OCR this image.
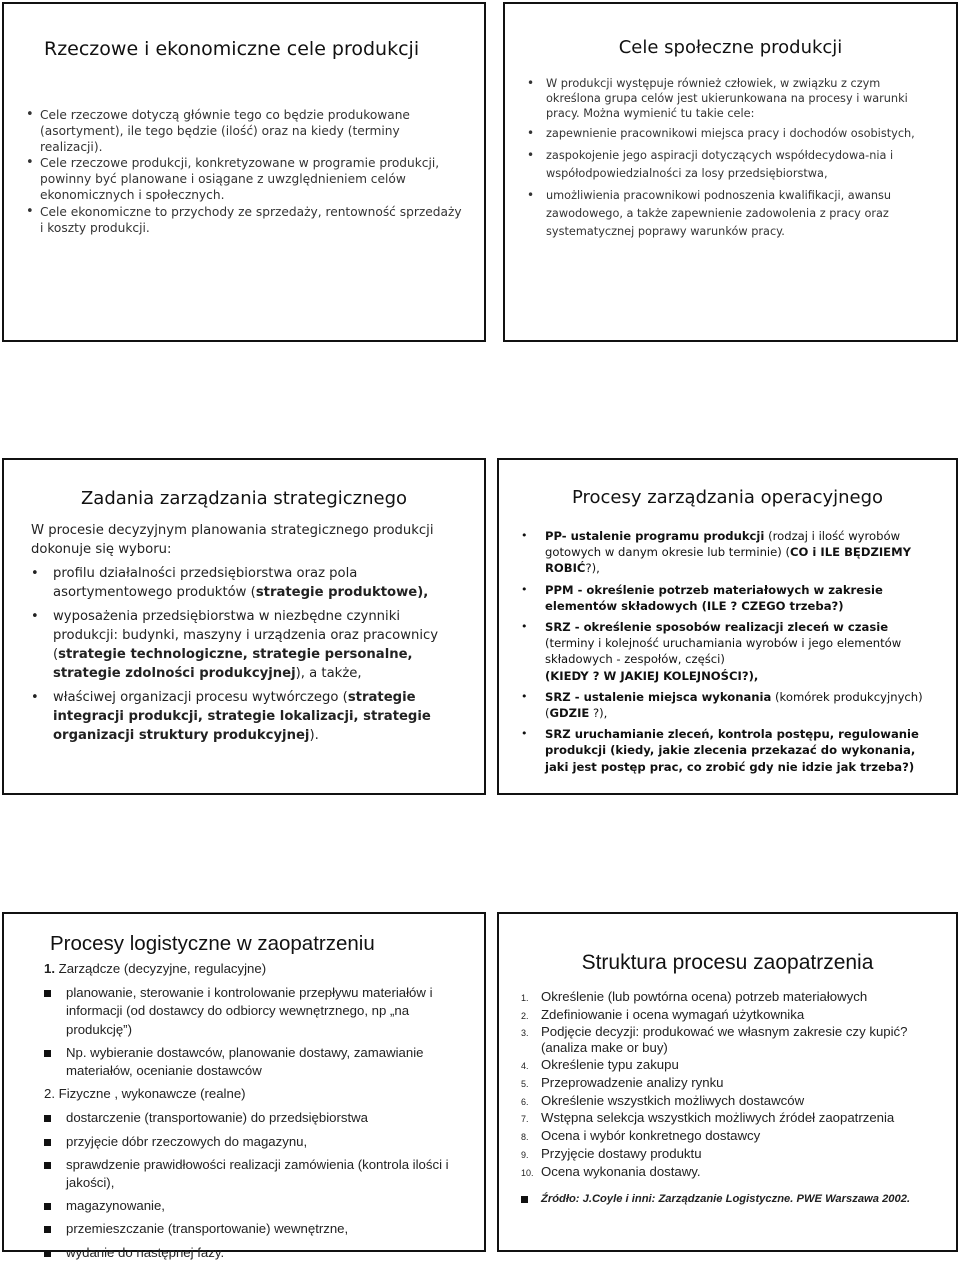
Rzeczowe i ekonomiczne cele produkcji
• Cele rzeczowe dotyczą głównie tego co będzie produkowane (asortyment), ile tego będzie (ilość) oraz na kiedy (terminy realizacji).
• Cele rzeczowe produkcji, konkretyzowane w programie produkcji, powinny być planowane i osiągane z uwzględnieniem celów ekonomicznych i społecznych.
• Cele ekonomiczne to przychody ze sprzedaży, rentowność sprzedaży i koszty produkcji.
Cele społeczne produkcji
• W produkcji występuje również człowiek, w związku z czym określona grupa celów jest ukierunkowana na procesy i warunki pracy. Można wymienić tu takie cele:
• zapewnienie pracownikowi miejsca pracy i dochodów osobistych,
• zaspokojenie jego aspiracji dotyczących współdecydowa-nia i współodpowiedzialności za losy przedsiębiorstwa,
• umożliwienia pracownikowi podnoszenia kwalifikacji, awansu zawodowego, a także zapewnienie zadowolenia z pracy oraz systematycznej poprawy warunków pracy.
Zadania zarządzania strategicznego
W procesie decyzyjnym planowania strategicznego produkcji dokonuje się wyboru:
• profilu działalności przedsiębiorstwa oraz pola asortymentowego produktów (strategie produktowe),
• wyposażenia przedsiębiorstwa w niezbędne czynniki produkcji: budynki, maszyny i urządzenia oraz pracownicy (strategie technologiczne, strategie personalne, strategie zdolności produkcyjnej), a także,
• właściwej organizacji procesu wytwórczego (strategie integracji produkcji, strategie lokalizacji, strategie organizacji struktury produkcyjnej).
Procesy zarządzania operacyjnego
• PP- ustalenie programu produkcji (rodzaj i ilość wyrobów gotowych w danym okresie lub terminie) (CO i ILE BĘDZIEMY ROBIĆ?),
• PPM - określenie potrzeb materiałowych w zakresie elementów składowych (ILE ? CZEGO trzeba?)
• SRZ - określenie sposobów realizacji zleceń w czasie (terminy i kolejność uruchamiania wyrobów i jego elementów składowych - zespołów, części)
(KIEDY ? W JAKIEJ KOLEJNOŚCI?),
• SRZ - ustalenie miejsca wykonania (komórek produkcyjnych) (GDZIE ?),
• SRZ uruchamianie zleceń, kontrola postępu, regulowanie produkcji (kiedy, jakie zlecenia przekazać do wykonania, jaki jest postęp prac, co zrobić gdy nie idzie jak trzeba?)
Procesy logistyczne w zaopatrzeniu
1. Zarządcze (decyzyjne, regulacyjne)
planowanie, sterowanie i kontrolowanie przepływu materiałów i informacji (od dostawcy do odbiorcy wewnętrznego, np „na produkcję”)
Np. wybieranie dostawców, planowanie dostawy, zamawianie materiałów, ocenianie dostawców
2. Fizyczne , wykonawcze (realne)
dostarczenie (transportowanie) do przedsiębiorstwa
przyjęcie dóbr rzeczowych do magazynu,
sprawdzenie prawidłowości realizacji zamówienia (kontrola ilości i jakości),
magazynowanie,
przemieszczanie (transportowanie) wewnętrzne,
wydanie do następnej fazy.
Struktura procesu zaopatrzenia
1. Określenie (lub powtórna ocena) potrzeb materiałowych
2. Zdefiniowanie i ocena wymagań użytkownika
3. Podjęcie decyzji: produkować we własnym zakresie czy kupić? (analiza make or buy)
4. Określenie typu zakupu
5. Przeprowadzenie analizy rynku
6. Określenie wszystkich możliwych dostawców
7. Wstępna selekcja wszystkich możliwych źródeł zaopatrzenia
8. Ocena i wybór konkretnego dostawcy
9. Przyjęcie dostawy produktu
10. Ocena wykonania dostawy.
Źródło: J.Coyle i inni: Zarządzanie Logistyczne. PWE Warszawa 2002.
